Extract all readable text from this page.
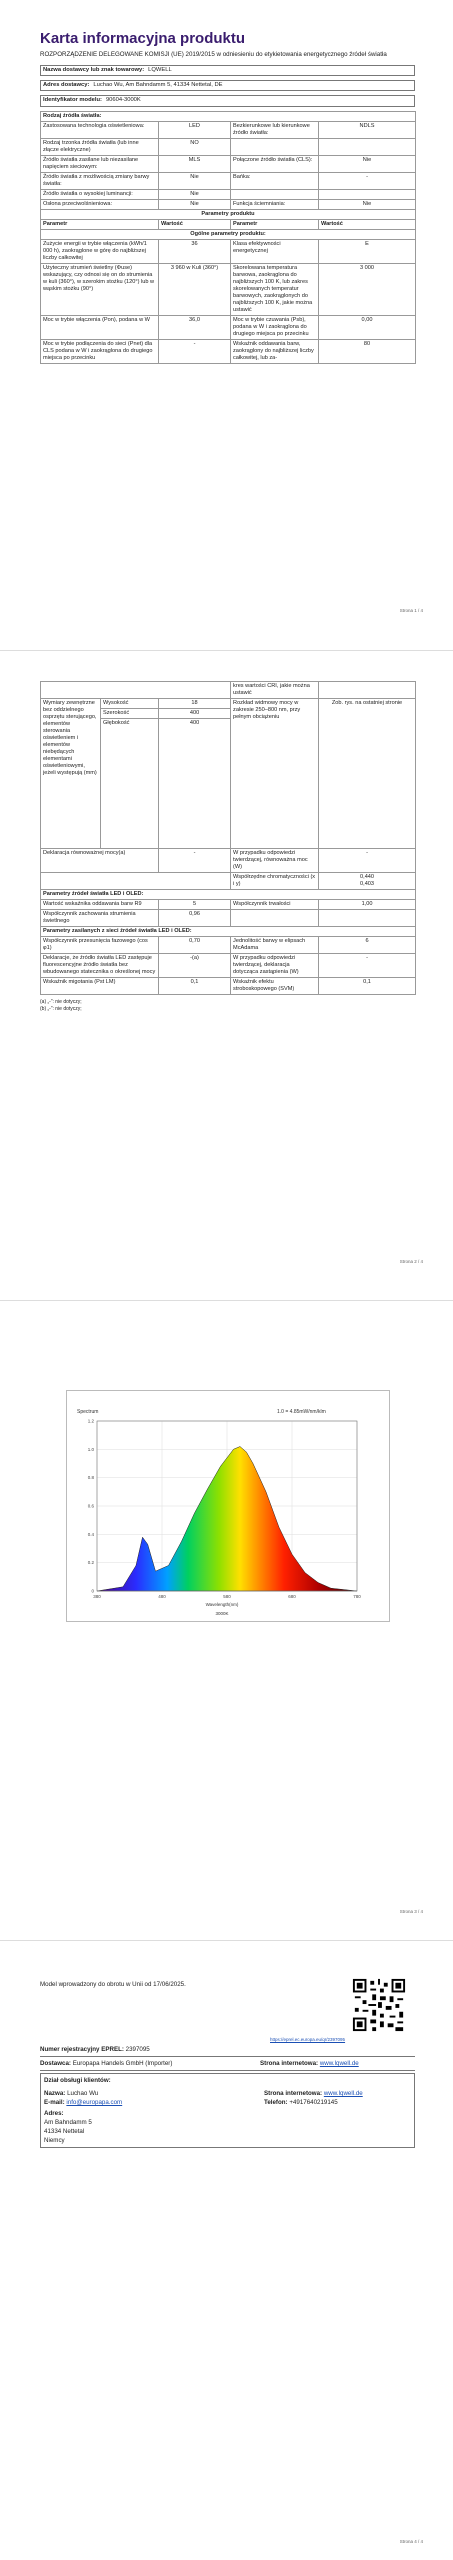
Karta informacyjna produktu
ROZPORZĄDZENIE DELEGOWANE KOMISJI (UE) 2019/2015 w odniesieniu do etykietowania energetycznego źródeł światła
Nazwa dostawcy lub znak towarowy: LQWELL
Adres dostawcy: Luchao Wu, Am Bahndamm 5, 41334 Nettetal, DE
Identyfikator modelu: 90604-3000K
Rodzaj źródła światła:			
Zastosowana technologia oświetleniowa:	LED	Bezkierunkowe lub kierunkowe źródło światła:	NDLS
Rodzaj trzonka źródła światła (lub inne złącze elektryczne)	NO		
Źródło światła zasilane lub niezasilane napięciem sieciowym:	MLS	Połączone źródło światła (CLS):	Nie
Źródło światła z możliwością zmiany barwy światła:	Nie	Bańka:	-
Źródło światła o wysokiej luminancji:	Nie		
Osłona przeciwolśnieniowa:	Nie	Funkcja ściemniania:	Nie
Parametry produktu			
Parametr	Wartość	Parametr	Wartość
Ogólne parametry produktu:			
Zużycie energii w trybie włączenia (kWh/1 000 h), zaokrąglone w górę do najbliższej liczby całkowitej	36	Klasa efektywności energetycznej	E
Użyteczny strumień świetlny (Φuse) wskazujący, czy odnosi się on do strumienia w kuli (360°), w szerokim stożku (120°) lub w wąskim stożku (90°)	3 960 w Kuli (360°)	Skorelowana temperatura barwowa, zaokrąglona do najbliższych 100 K, lub zakres skorelowanych temperatur barwowych, zaokrąglonych do najbliższych 100 K, jakie można ustawić	3 000
Moc w trybie włączenia (Pon), podana w W	36,0	Moc w trybie czuwania (Psb), podana w W i zaokrąglona do drugiego miejsca po przecinku	0,00
Moc w trybie podłączenia do sieci (Pnet) dla CLS podana w W i zaokrąglona do drugiego miejsca po przecinku	-	Wskaźnik oddawania barw, zaokrąglony do najbliższej liczby całkowitej, lub za-	80
Strona 1 / 4
			kres wartości CRI, jakie można ustawić	
Wymiary zewnętrzne bez oddzielnego osprzętu sterującego, elementów sterowania oświetleniem i elementów niebędących elementami oświetleniowymi, jeżeli występują (mm)	Wysokość	18	Rozkład widmowy mocy w zakresie 250–800 nm, przy pełnym obciążeniu	Zob. rys. na ostatniej stronie
	Szerokość	400		
	Głębokość	400		
Deklaracja równoważnej mocy(a)		-	W przypadku odpowiedzi twierdzącej, równoważna moc (W)	-
			Współrzędne chromatyczności (x i y)	0,440
0,403

Parametry źródeł światła LED i OLED:				
Wartość wskaźnika oddawania barw R9		5	Współczynnik trwałości	1,00
Współczynnik zachowania strumienia świetlnego		0,96		
Parametry zasilanych z sieci źródeł światła LED i OLED:				
Współczynnik przesunięcia fazowego (cos φ1)		0,70	Jednolitość barwy w elipsach McAdama	6
Deklaracje, że źródło światła LED zastępuje fluorescencyjne źródło światła bez wbudowanego statecznika o określonej mocy		-(a)	W przypadku odpowiedzi twierdzącej, deklaracja dotycząca zastąpienia (W)	-
Wskaźnik migotania (Pst LM)		0,1	Wskaźnik efektu stroboskopowego (SVM)	0,1
(a) „-”: nie dotyczy;
(b) „-”: nie dotyczy;
Strona 2 / 4
Strona 3 / 4
0
0.2
0.4
0.6
0.8
1.0
1.2
380	480	580	680	780
Spectrum	1.0 = 4.85mW/nm/klm
Wavelength(nm)
3000K
Model wprowadzony do obrotu w Unii od 17/06/2025.
https://eprel.ec.europa.eu/qr/2397095
Numer rejestracyjny EPREL: 2397095
Dostawca: Europapa Handels GmbH (Importer)	Strona internetowa: www.lqwell.de
Dział obsługi klientów:
Nazwa: Luchao Wu
E-mail: info@europapa.com
Adres:
Am Bahndamm 5
41334 Nettetal
Niemcy
Strona internetowa: www.lqwell.de
Telefon: +4917640219145
Strona 4 / 4
